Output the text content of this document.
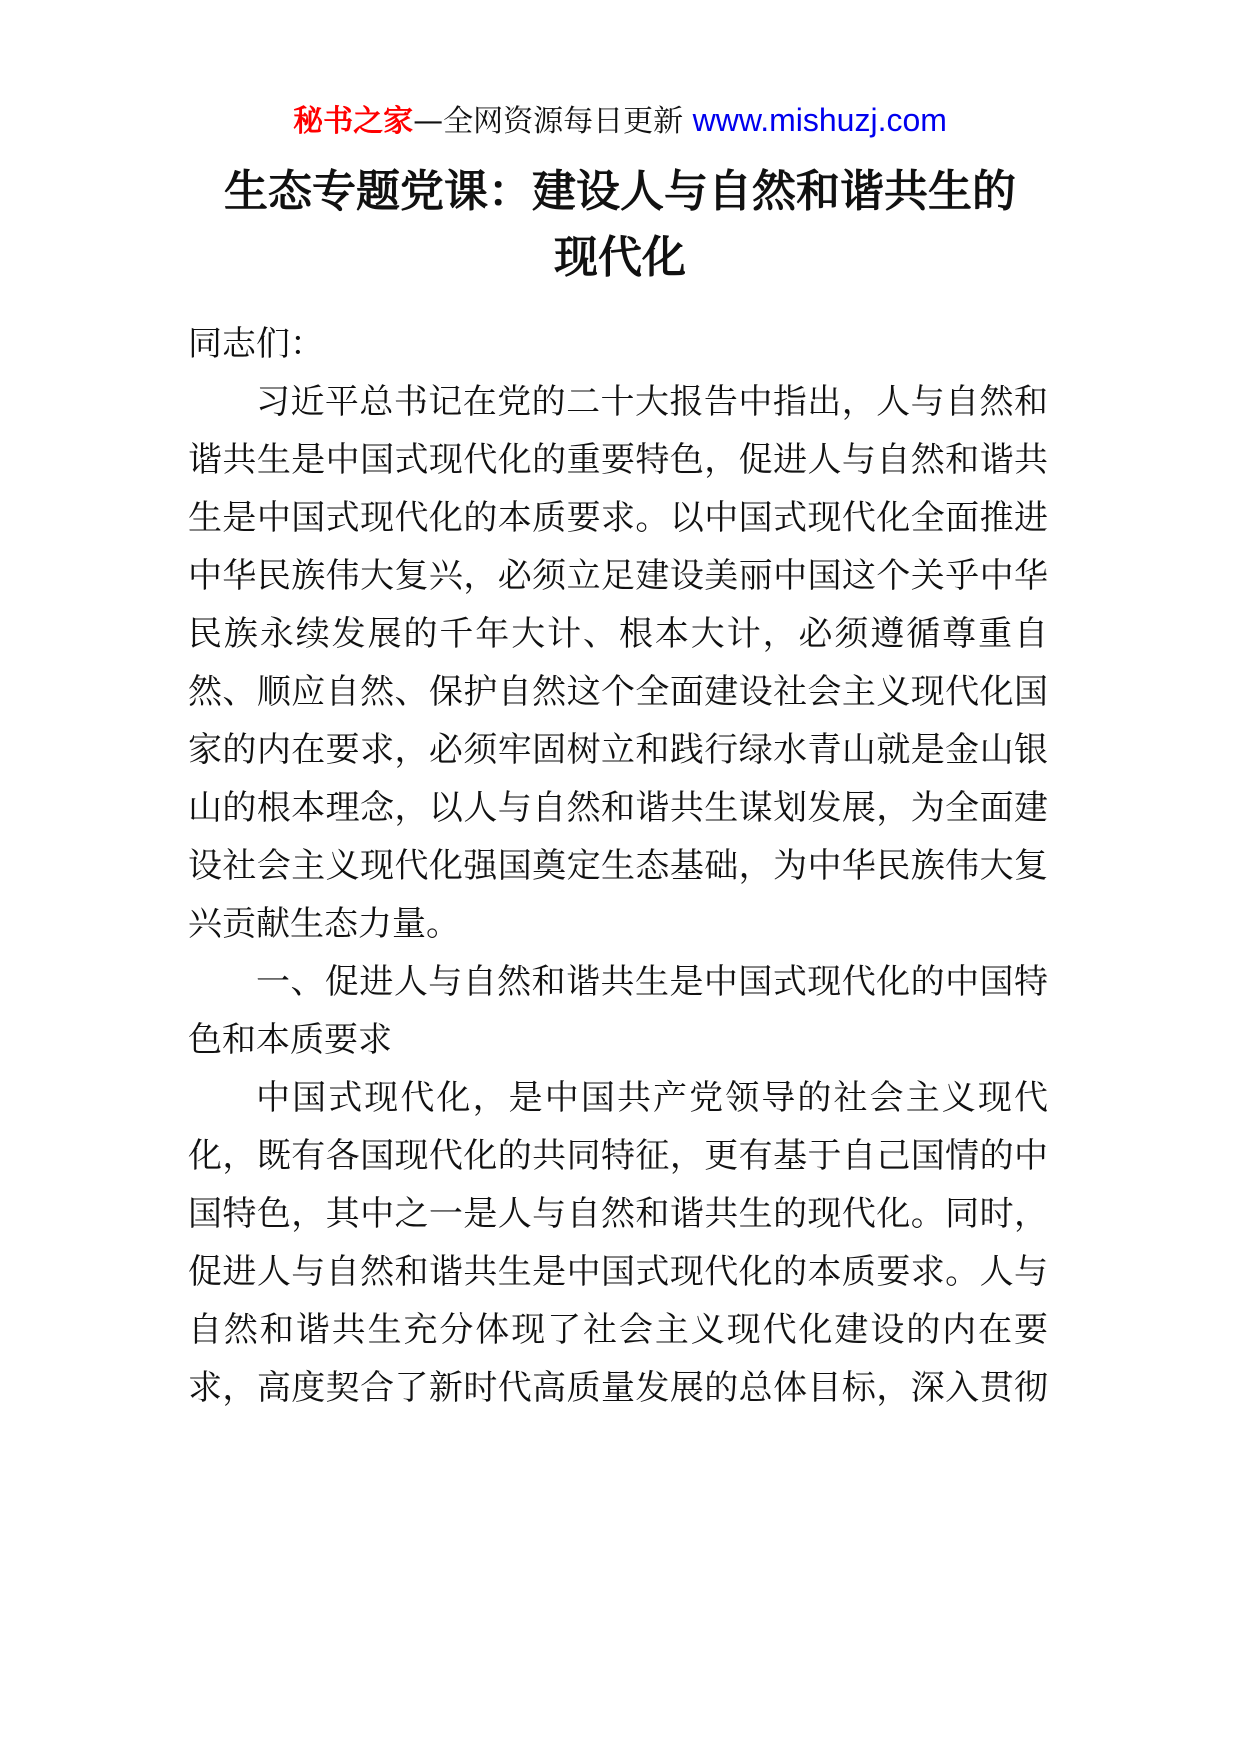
秘书之家—全网资源每日更新 www.mishuzj.com
生态专题党课：建设人与自然和谐共生的
现代化
同志们：
习近平总书记在党的二十大报告中指出，人与自然和
谐共生是中国式现代化的重要特色，促进人与自然和谐共
生是中国式现代化的本质要求。以中国式现代化全面推进
中华民族伟大复兴，必须立足建设美丽中国这个关乎中华
民族永续发展的千年大计、根本大计，必须遵循尊重自
然、顺应自然、保护自然这个全面建设社会主义现代化国
家的内在要求，必须牢固树立和践行绿水青山就是金山银
山的根本理念，以人与自然和谐共生谋划发展，为全面建
设社会主义现代化强国奠定生态基础，为中华民族伟大复
兴贡献生态力量。
一、促进人与自然和谐共生是中国式现代化的中国特
色和本质要求
中国式现代化，是中国共产党领导的社会主义现代
化，既有各国现代化的共同特征，更有基于自己国情的中
国特色，其中之一是人与自然和谐共生的现代化。同时，
促进人与自然和谐共生是中国式现代化的本质要求。人与
自然和谐共生充分体现了社会主义现代化建设的内在要
求，高度契合了新时代高质量发展的总体目标，深入贯彻
